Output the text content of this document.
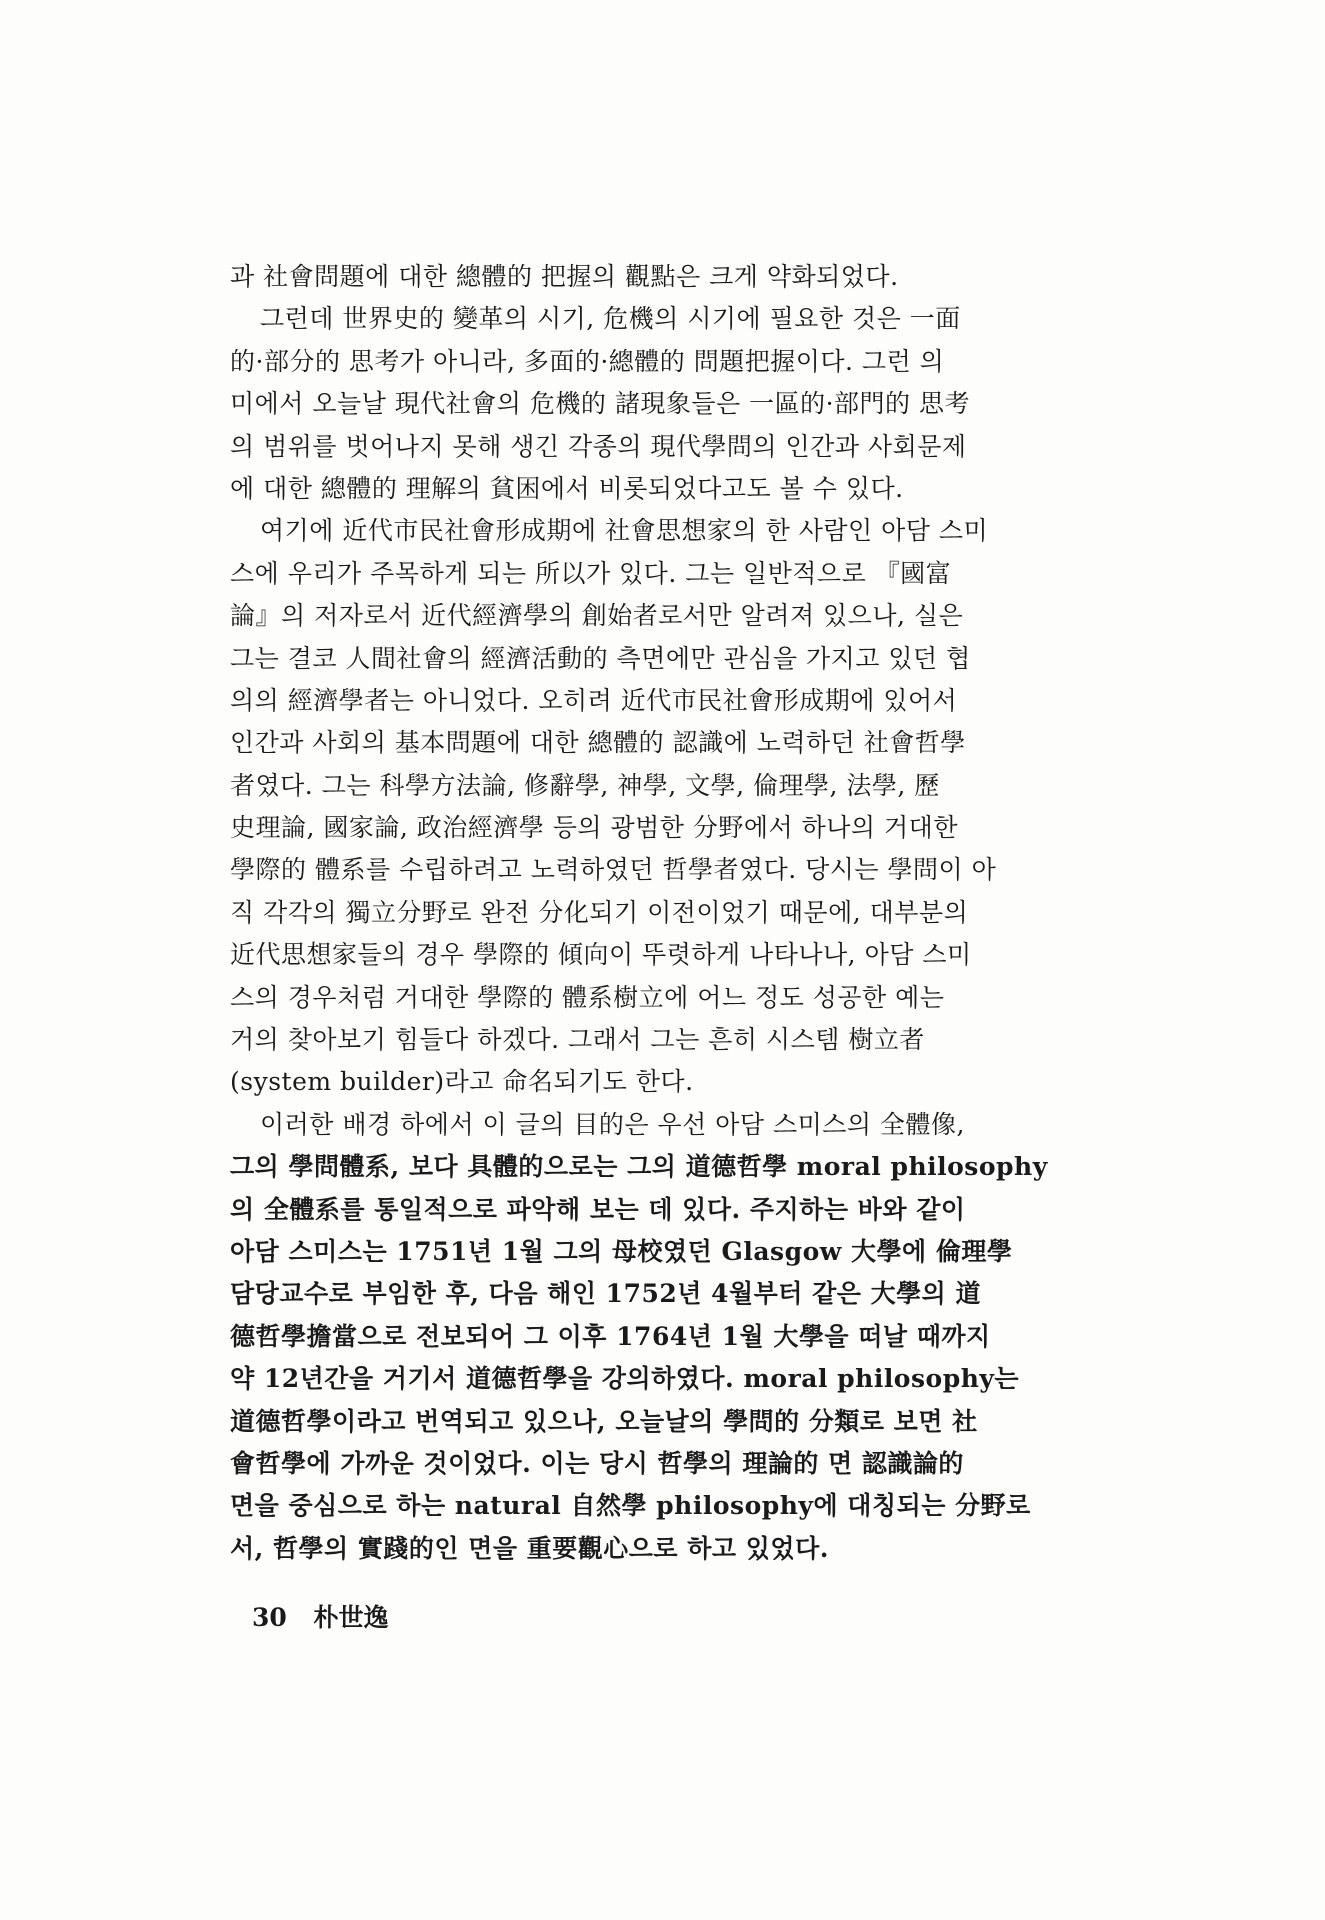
과 社會問題에 대한 總體的 把握의 觀點은 크게 약화되었다.
그런데 世界史的 變革의 시기, 危機의 시기에 필요한 것은 一面
的·部分的 思考가 아니라, 多面的·總體的 問題把握이다. 그런 의
미에서 오늘날 現代社會의 危機的 諸現象들은 一區的·部門的 思考
의 범위를 벗어나지 못해 생긴 각종의 現代學問의 인간과 사회문제
에 대한 總體的 理解의 貧困에서 비롯되었다고도 볼 수 있다.
여기에 近代市民社會形成期에 社會思想家의 한 사람인 아담 스미
스에 우리가 주목하게 되는 所以가 있다. 그는 일반적으로 『國富
論』의 저자로서 近代經濟學의 創始者로서만 알려져 있으나, 실은
그는 결코 人間社會의 經濟活動的 측면에만 관심을 가지고 있던 협
의의 經濟學者는 아니었다. 오히려 近代市民社會形成期에 있어서
인간과 사회의 基本問題에 대한 總體的 認識에 노력하던 社會哲學
者였다. 그는 科學方法論, 修辭學, 神學, 文學, 倫理學, 法學, 歷
史理論, 國家論, 政治經濟學 등의 광범한 分野에서 하나의 거대한
學際的 體系를 수립하려고 노력하였던 哲學者였다. 당시는 學問이 아
직 각각의 獨立分野로 완전 分化되기 이전이었기 때문에, 대부분의
近代思想家들의 경우 學際的 傾向이 뚜렷하게 나타나나, 아담 스미
스의 경우처럼 거대한 學際的 體系樹立에 어느 정도 성공한 예는
거의 찾아보기 힘들다 하겠다. 그래서 그는 흔히 시스템 樹立者
(system builder)라고 命名되기도 한다.
이러한 배경 하에서 이 글의 目的은 우선 아담 스미스의 全體像,
그의 學問體系, 보다 具體的으로는 그의 道德哲學 moral philosophy
의 全體系를 통일적으로 파악해 보는 데 있다. 주지하는 바와 같이
아담 스미스는 1751년 1월 그의 母校였던 Glasgow 大學에 倫理學
담당교수로 부임한 후, 다음 해인 1752년 4월부터 같은 大學의 道
德哲學擔當으로 전보되어 그 이후 1764년 1월 大學을 떠날 때까지
약 12년간을 거기서 道德哲學을 강의하였다. moral philosophy는
道德哲學이라고 번역되고 있으나, 오늘날의 學問的 分類로 보면 社
會哲學에 가까운 것이었다. 이는 당시 哲學의 理論的 면 認識論的
면을 중심으로 하는 natural 自然學 philosophy에 대칭되는 分野로
서, 哲學의 實踐的인 면을 重要觀心으로 하고 있었다.
30 朴世逸
